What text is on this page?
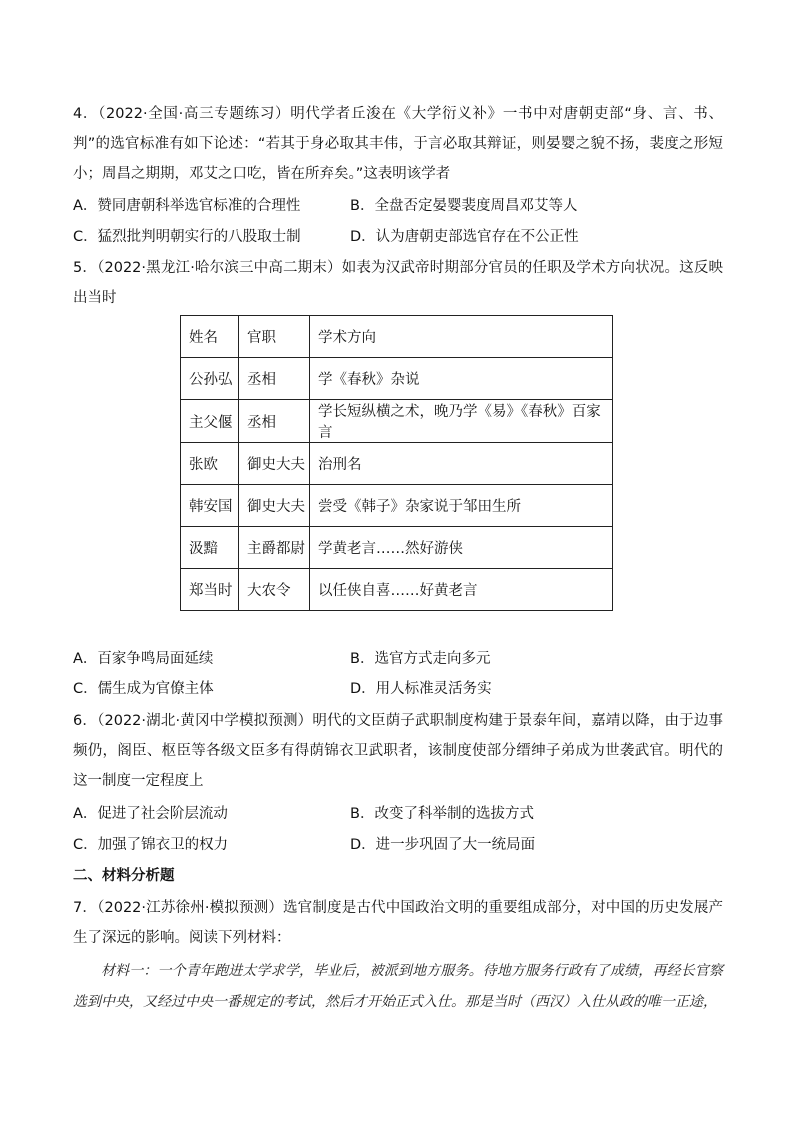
4．（2022·全国·高三专题练习）明代学者丘浚在《大学衍义补》一书中对唐朝吏部“身、言、书、判”的选官标准有如下论述：“若其于身必取其丰伟，于言必取其辩证，则晏婴之貌不扬，裴度之形短小；周昌之期期，邓艾之口吃，皆在所弃矣。”这表明该学者
A．赞同唐朝科举选官标准的合理性	B．全盘否定晏婴裴度周昌邓艾等人
C．猛烈批判明朝实行的八股取士制	D．认为唐朝吏部选官存在不公正性
5．（2022·黑龙江·哈尔滨三中高二期末）如表为汉武帝时期部分官员的任职及学术方向状况。这反映出当时
姓名	官职	学术方向
公孙弘	丞相	学《春秋》杂说
主父偃	丞相	学长短纵横之术，晚乃学《易》《春秋》百家言
张欧	御史大夫	治刑名
韩安国	御史大夫	尝受《韩子》杂家说于邹田生所
汲黯	主爵都尉	学黄老言……然好游侠
郑当时	大农令	以任侠自喜……好黄老言
A．百家争鸣局面延续	B．选官方式走向多元
C．儒生成为官僚主体	D．用人标准灵活务实
6．（2022·湖北·黄冈中学模拟预测）明代的文臣荫子武职制度构建于景泰年间，嘉靖以降，由于边事频仍，阁臣、枢臣等各级文臣多有得荫锦衣卫武职者，该制度使部分缙绅子弟成为世袭武官。明代的这一制度一定程度上
A．促进了社会阶层流动	B．改变了科举制的选拔方式
C．加强了锦衣卫的权力	D．进一步巩固了大一统局面
二、材料分析题
7．（2022·江苏徐州·模拟预测）选官制度是古代中国政治文明的重要组成部分，对中国的历史发展产生了深远的影响。阅读下列材料：
材料一：一个青年跑进太学求学，毕业后，被派到地方服务。待地方服务行政有了成绩，再经长官察选到中央，又经过中央一番规定的考试，然后才开始正式入仕。那是当时（西汉）入仕从政的唯一正途，
